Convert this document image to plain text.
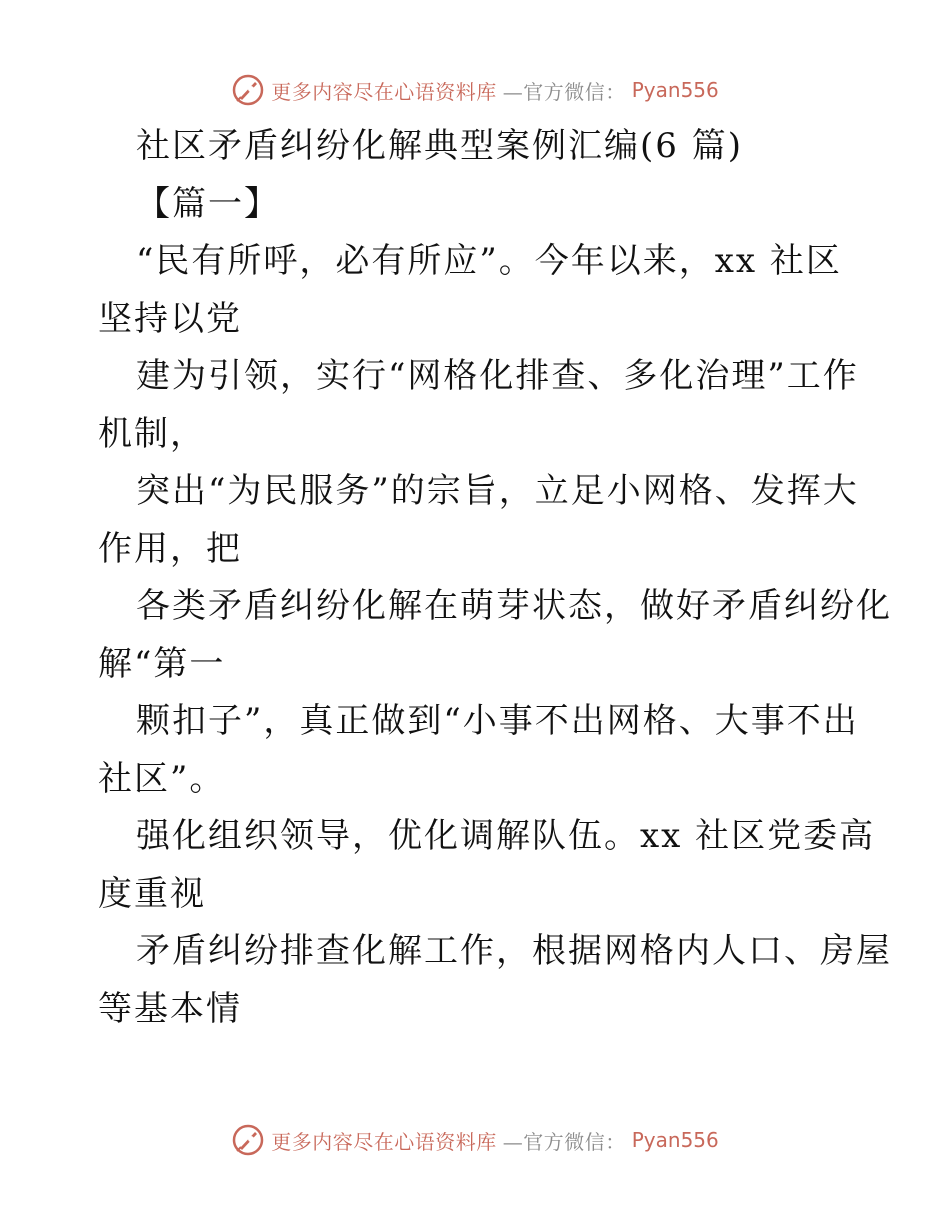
更多内容尽在心语资料库 —官方微信： Pyan556
社区矛盾纠纷化解典型案例汇编(6 篇)
【篇一】
“民有所呼，必有所应”。今年以来，xx 社区
坚持以党
建为引领，实行“网格化排查、多化治理”工作
机制，
突出“为民服务”的宗旨，立足小网格、发挥大
作用，把
各类矛盾纠纷化解在萌芽状态，做好矛盾纠纷化
解“第一
颗扣子”，真正做到“小事不出网格、大事不出
社区”。
强化组织领导，优化调解队伍。xx 社区党委高
度重视
矛盾纠纷排查化解工作，根据网格内人口、房屋
等基本情
更多内容尽在心语资料库 —官方微信： Pyan556
